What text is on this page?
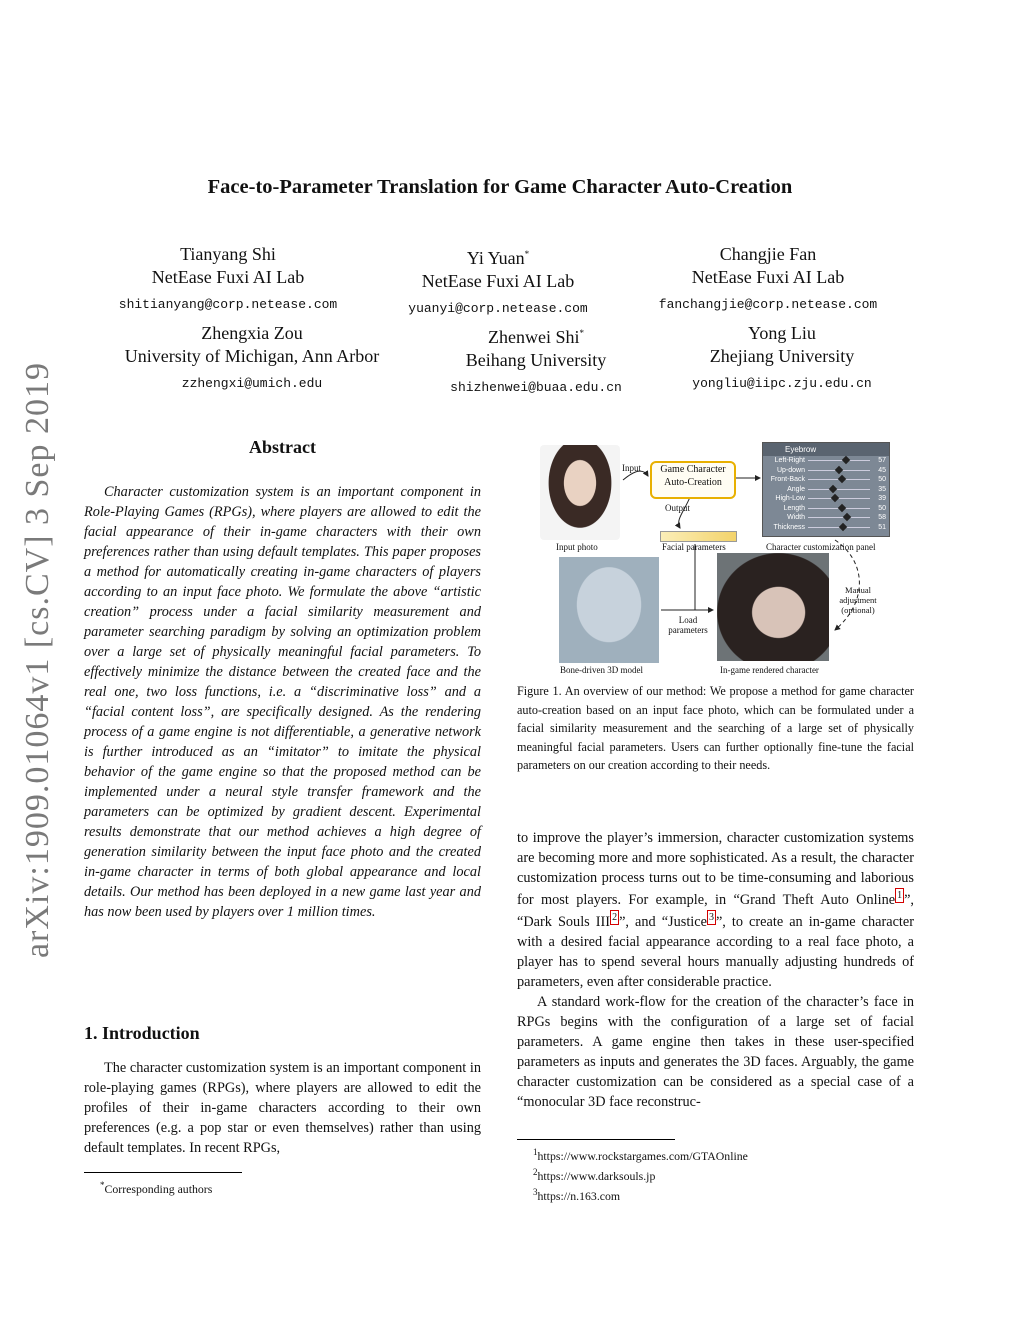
arXiv:1909.01064v1 [cs.CV] 3 Sep 2019
Face-to-Parameter Translation for Game Character Auto-Creation
Tianyang Shi
NetEase Fuxi AI Lab
shitianyang@corp.netease.com
Yi Yuan*
NetEase Fuxi AI Lab
yuanyi@corp.netease.com
Changjie Fan
NetEase Fuxi AI Lab
fanchangjie@corp.netease.com
Zhengxia Zou
University of Michigan, Ann Arbor
zzhengxi@umich.edu
Zhenwei Shi*
Beihang University
shizhenwei@buaa.edu.cn
Yong Liu
Zhejiang University
yongliu@iipc.zju.edu.cn
Abstract

Character customization system is an important component in Role-Playing Games (RPGs), where players are allowed to edit the facial appearance of their in-game characters with their own preferences rather than using default templates. This paper proposes a method for automatically creating in-game characters of players according to an input face photo. We formulate the above “artistic creation” process under a facial similarity measurement and parameter searching paradigm by solving an optimization problem over a large set of physically meaningful facial parameters. To effectively minimize the distance between the created face and the real one, two loss functions, i.e. a “discriminative loss” and a “facial content loss”, are specifically designed. As the rendering process of a game engine is not differentiable, a generative network is further introduced as an “imitator” to imitate the physical behavior of the game engine so that the proposed method can be implemented under a neural style transfer framework and the parameters can be optimized by gradient descent. Experimental results demonstrate that our method achieves a high degree of generation similarity between the input face photo and the created in-game character in terms of both global appearance and local details. Our method has been deployed in a new game last year and has now been used by players over 1 million times.

1. Introduction

The character customization system is an important component in role-playing games (RPGs), where players are allowed to edit the profiles of their in-game characters according to their own preferences (e.g. a pop star or even themselves) rather than using default templates. In recent RPGs,

*Corresponding authors
Input
Output
Input photo
Game Character Auto-Creation
Facial parameters
Eyebrow
Left-Right	57
Up-down	45
Front-Back	50
Angle	35
High-Low	39
Length	50
Width	58
Thickness	51
Character customization panel
Bone-driven 3D model
Load parameters
In-game rendered character
Manual adjustment (optional)
Figure 1. An overview of our method: We propose a method for game character auto-creation based on an input face photo, which can be formulated under a facial similarity measurement and the searching of a large set of physically meaningful facial parameters. Users can further optionally fine-tune the facial parameters on our creation according to their needs.

to improve the player’s immersion, character customization systems are becoming more and more sophisticated. As a result, the character customization process turns out to be time-consuming and laborious for most players. For example, in “Grand Theft Auto Online 1 ”, “Dark Souls III 2 ”, and “Justice 3 ”, to create an in-game character with a desired facial appearance according to a real face photo, a player has to spend several hours manually adjusting hundreds of parameters, even after considerable practice.

A standard work-flow for the creation of the character’s face in RPGs begins with the configuration of a large set of facial parameters. A game engine then takes in these user-specified parameters as inputs and generates the 3D faces. Arguably, the game character customization can be considered as a special case of a “monocular 3D face reconstruc-

$^1$https://www.rockstargames.com/GTAOnline
$^2$https://www.darksouls.jp
$^3$https://n.163.com
